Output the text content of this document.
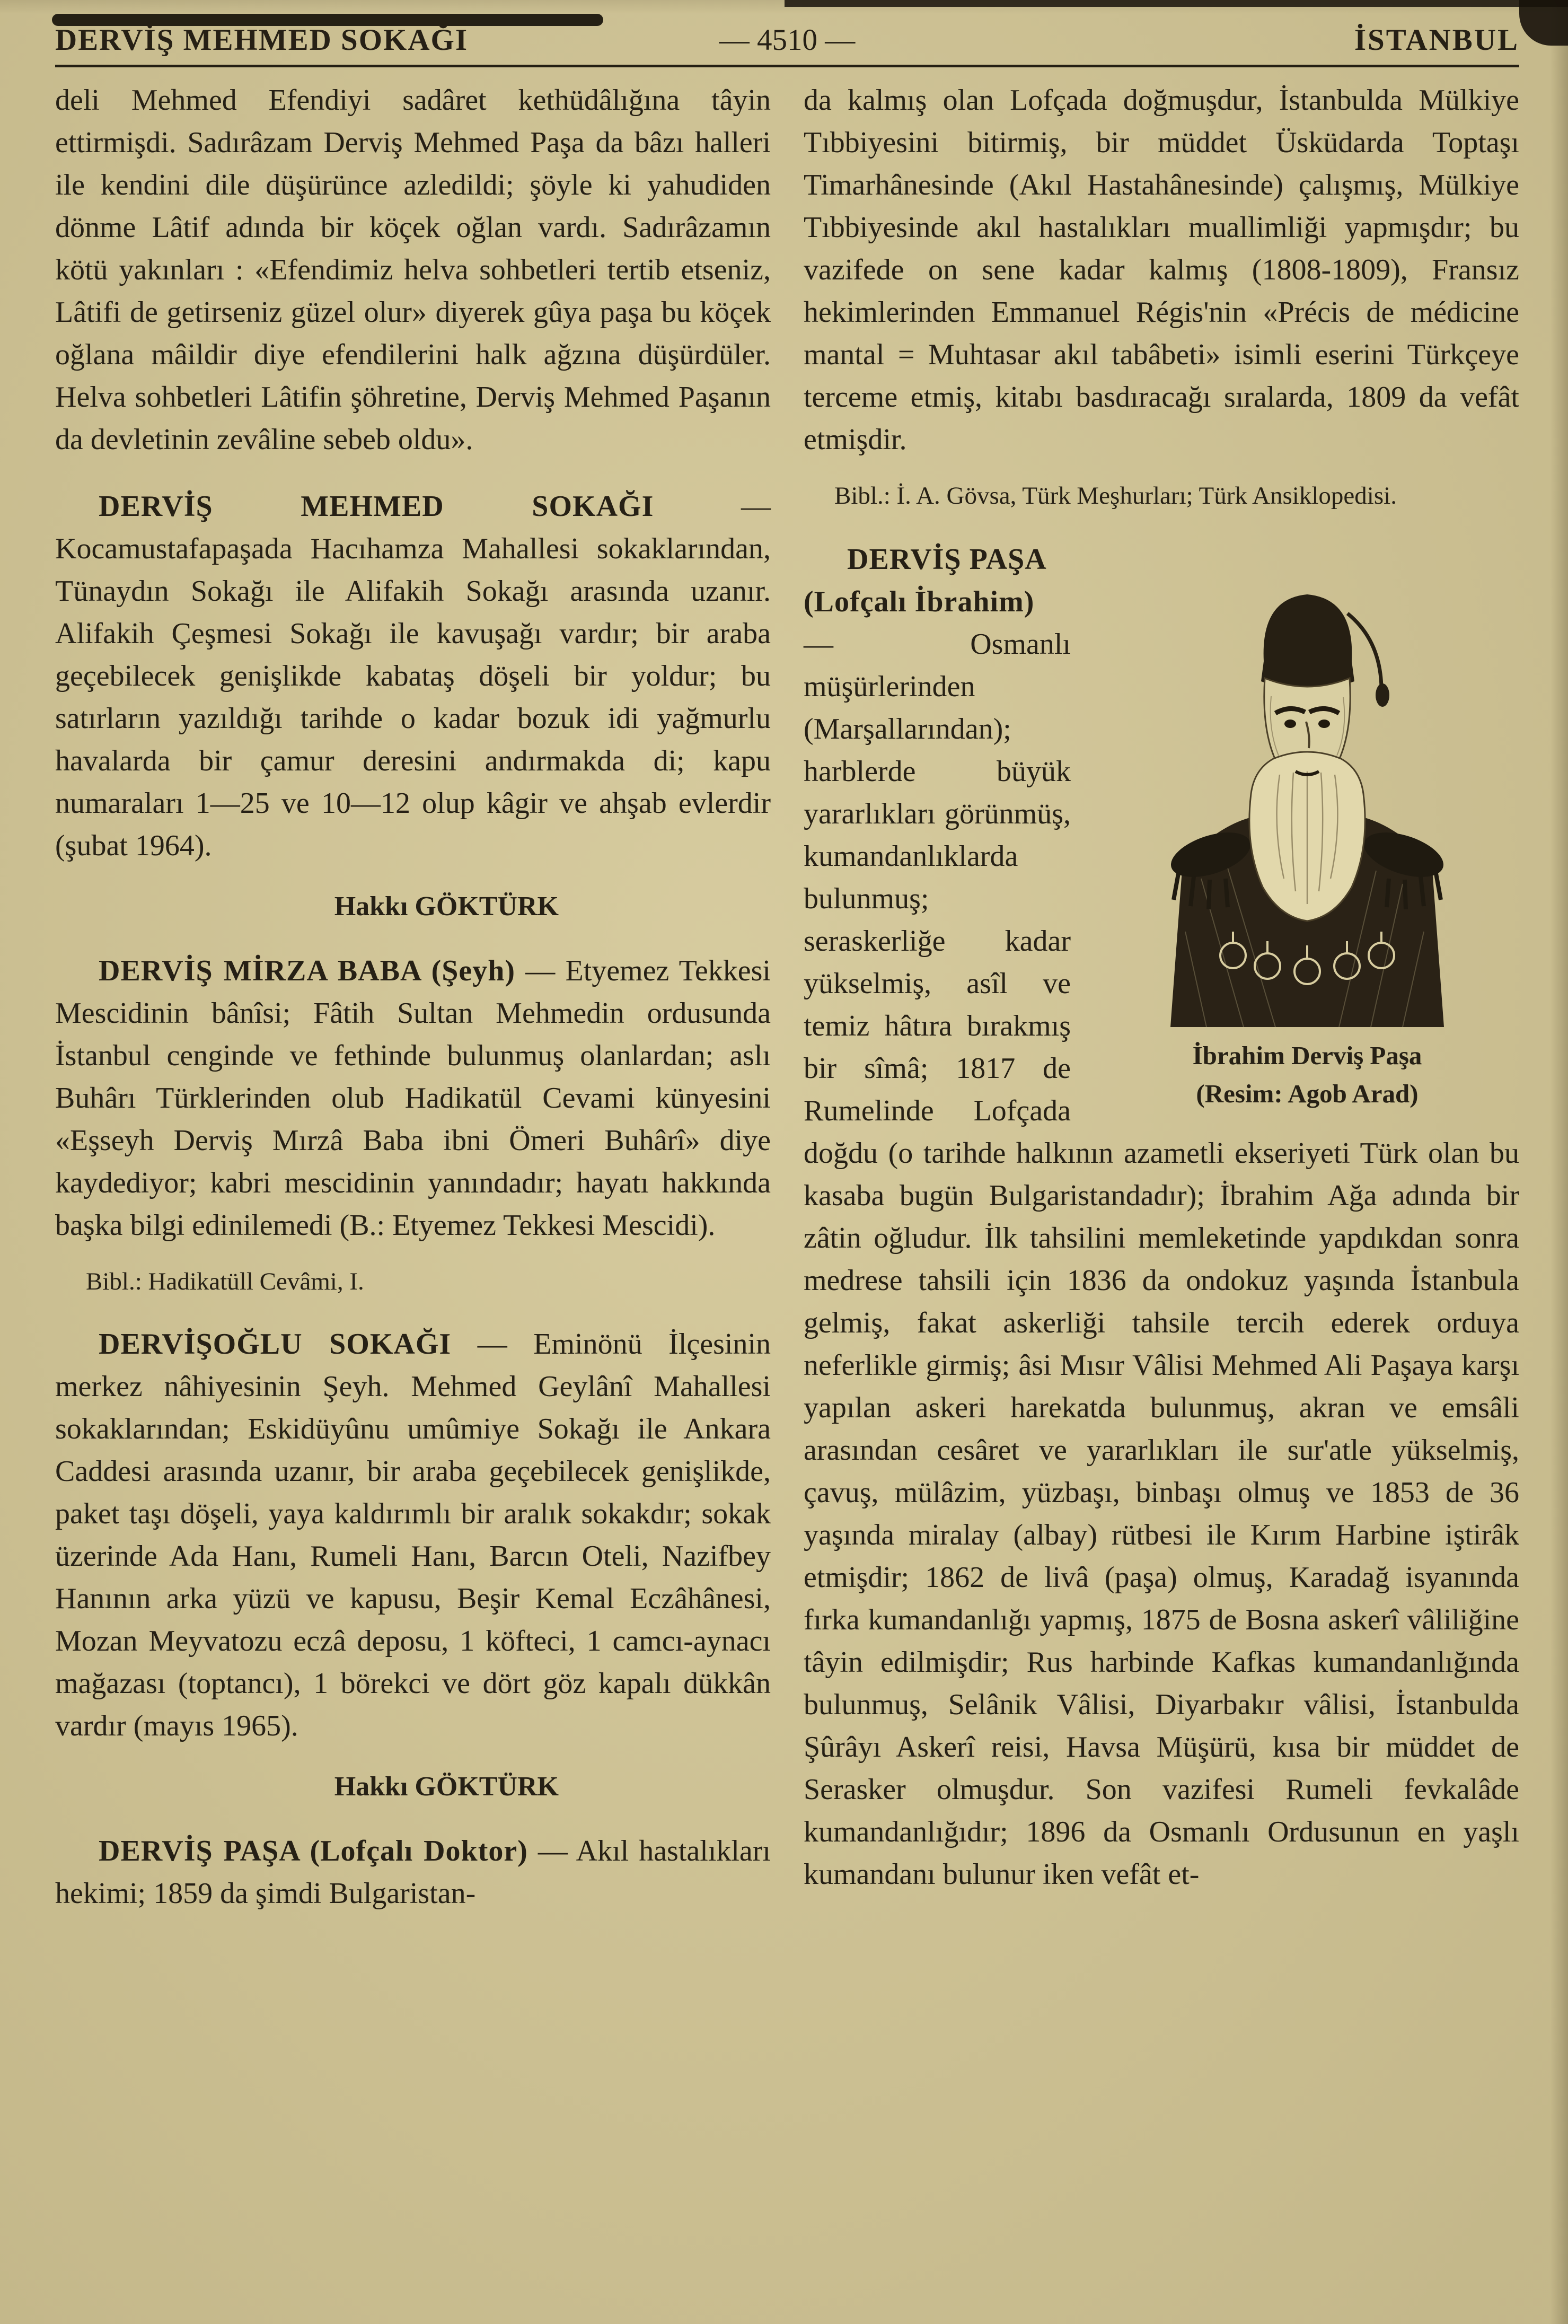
DERVİŞ MEHMED SOKAĞI	— 4510 —	İSTANBUL

deli Mehmed Efendiyi sadâret kethüdâlığına tâyin ettirmişdi. Sadırâzam Derviş Mehmed Paşa da bâzı halleri ile kendini dile düşürünce azledildi; şöyle ki yahudiden dönme Lâtif adında bir köçek oğlan vardı. Sadırâzamın kötü yakınları : «Efendimiz helva sohbetleri tertib etseniz, Lâtifi de getirseniz güzel olur» diyerek gûya paşa bu köçek oğlana mâildir diye efendilerini halk ağzına düşürdüler. Helva sohbetleri Lâtifin şöhretine, Derviş Mehmed Paşanın da devletinin zevâline sebeb oldu».

DERVİŞ MEHMED SOKAĞI	— Kocamustafapaşada Hacıhamza Mahallesi sokaklarından, Tünaydın Sokağı ile Alifakih Sokağı arasında uzanır. Alifakih Çeşmesi Sokağı ile kavuşağı vardır; bir araba geçebilecek genişlikde kabataş döşeli bir yoldur; bu satırların yazıldığı tarihde o kadar bozuk idi yağmurlu havalarda bir çamur deresini andırmakda di; kapu numaraları 1—25 ve 10—12 olup kâgir ve ahşab evlerdir (şubat 1964).

Hakkı GÖKTÜRK

DERVİŞ MİRZA BABA (Şeyh) — Etyemez Tekkesi Mescidinin bânîsi; Fâtih Sultan Mehmedin ordusunda İstanbul cenginde ve fethinde bulunmuş olanlardan; aslı Buhârı Türklerinden olub Hadikatül Cevami künyesini «Eşseyh Derviş Mırzâ Baba ibni Ömeri Buhârî» diye kaydediyor; kabri mescidinin yanındadır; hayatı hakkında başka bilgi edinilemedi (B.: Etyemez Tekkesi Mescidi).

Bibl.: Hadikatüll Cevâmi, I.

DERVİŞOĞLU SOKAĞI — Eminönü İlçesinin merkez nâhiyesinin Şeyh. Mehmed Geylânî Mahallesi sokaklarından; Eskidüyûnu umûmiye Sokağı ile Ankara Caddesi arasında uzanır, bir araba geçebilecek genişlikde, paket taşı döşeli, yaya kaldırımlı bir aralık sokakdır; sokak üzerinde Ada Hanı, Rumeli Hanı, Barcın Oteli, Nazifbey Hanının arka yüzü ve kapusu, Beşir Kemal Eczâhânesi, Mozan Meyvatozu eczâ deposu, 1 köfteci, 1 camcı-aynacı mağazası (toptancı), 1 börekci ve dört göz kapalı dükkân vardır (mayıs 1965).

Hakkı GÖKTÜRK

DERVİŞ PAŞA (Lofçalı Doktor) — Akıl hastalıkları hekimi; 1859 da şimdi Bulgaristan-

da kalmış olan Lofçada doğmuşdur, İstanbulda Mülkiye Tıbbiyesini bitirmiş, bir müddet Üsküdarda Toptaşı Timarhânesinde (Akıl Hastahânesinde) çalışmış, Mülkiye Tıbbiyesinde akıl hastalıkları muallimliği yapmışdır; bu vazifede on sene kadar kalmış (1808-1809), Fransız hekimlerinden Emmanuel Régis'nin «Précis de médicine mantal = Muhtasar akıl tabâbeti» isimli eserini Türkçeye terceme etmiş, kitabı basdıracağı sıralarda, 1809 da vefât etmişdir.

Bibl.: İ. A. Gövsa, Türk Meşhurları; Türk Ansiklopedisi.

İbrahim Derviş Paşa
(Resim: Agob Arad)
DERVİŞ PAŞA
(Lofçalı İbrahim)
— Osmanlı müşürlerinden (Marşallarından); harblerde büyük yararlıkları görünmüş, kumandanlıklarda bulunmuş; seraskerliğe kadar yükselmiş, asîl ve temiz hâtıra bırakmış bir sîmâ; 1817 de Rumelinde Lofçada doğdu (o tarihde halkının azametli ekseriyeti Türk olan bu kasaba bugün Bulgaristandadır); İbrahim Ağa adında bir zâtin oğludur. İlk tahsilini memleketinde yapdıkdan sonra medrese tahsili için 1836 da ondokuz yaşında İstanbula gelmiş, fakat askerliği tahsile tercih ederek orduya neferlikle girmiş; âsi Mısır Vâlisi Mehmed Ali Paşaya karşı yapılan askeri harekatda bulunmuş, akran ve emsâli arasından cesâret ve yararlıkları ile sur'atle yükselmiş, çavuş, mülâzim, yüzbaşı, binbaşı olmuş ve 1853 de 36 yaşında miralay (albay) rütbesi ile Kırım Harbine iştirâk etmişdir; 1862 de livâ (paşa) olmuş, Karadağ isyanında fırka kumandanlığı yapmış, 1875 de Bosna askerî vâliliğine tâyin edilmişdir; Rus harbinde Kafkas kumandanlığında bulunmuş, Selânik Vâlisi, Diyarbakır vâlisi, İstanbulda Şûrâyı Askerî reisi, Havsa Müşürü, kısa bir müddet de Serasker olmuşdur. Son vazifesi Rumeli fevkalâde kumandanlığıdır; 1896 da Osmanlı Ordusunun en yaşlı kumandanı bulunur iken vefât et-
